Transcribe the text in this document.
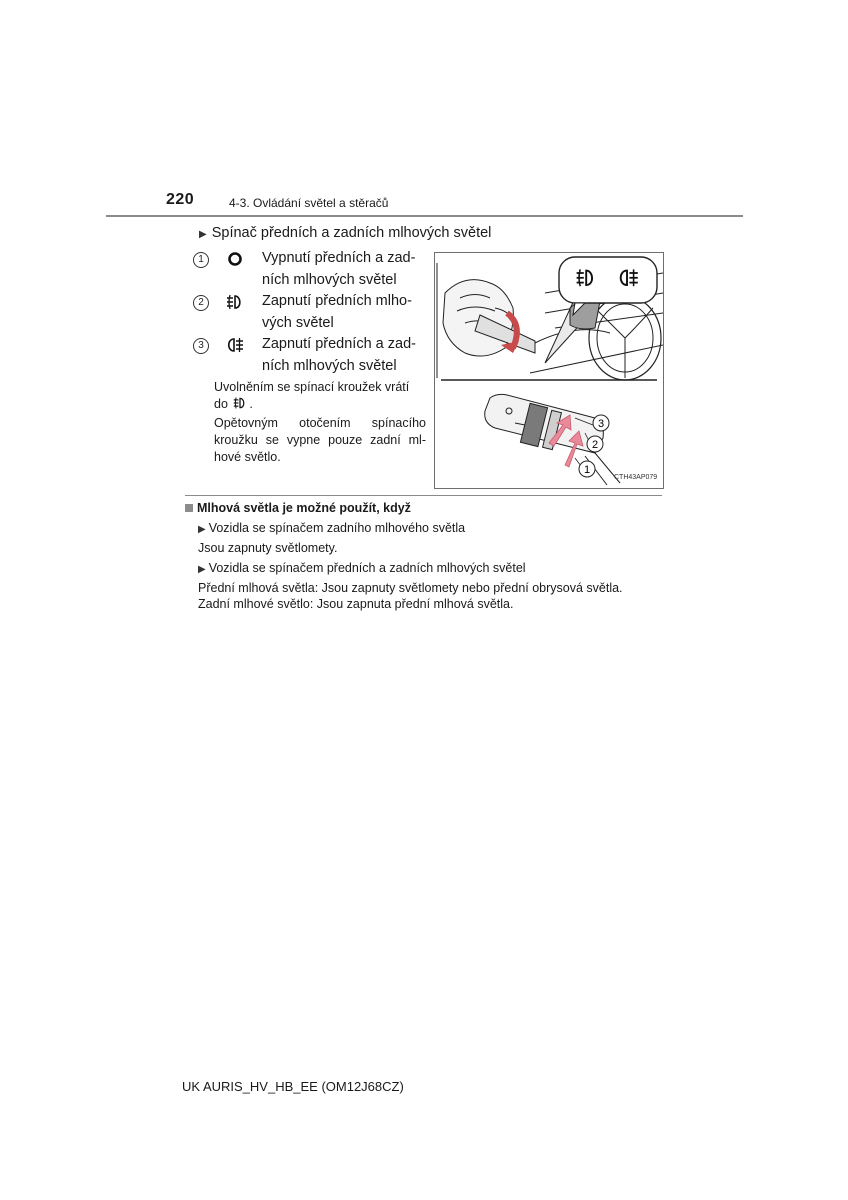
220	4-3. Ovládání světel a stěračů
▶ Spínač předních a zadních mlhových světel
1	Vypnutí předních a zad-
ních mlhových světel
2	Zapnutí předních mlho-
vých světel
3	Zapnutí předních a zad-
ních mlhových světel
Uvolněním se spínací kroužek vrátí
do .
Opětovným otočením spínacího
kroužku se vypne pouze zadní ml-
hové světlo.
1
2
3
CTH43AP079
Mlhová světla je možné použít, když
▶ Vozidla se spínačem zadního mlhového světla
Jsou zapnuty světlomety.
▶ Vozidla se spínačem předních a zadních mlhových světel
Přední mlhová světla: Jsou zapnuty světlomety nebo přední obrysová světla.
Zadní mlhové světlo: Jsou zapnuta přední mlhová světla.
UK AURIS_HV_HB_EE (OM12J68CZ)
